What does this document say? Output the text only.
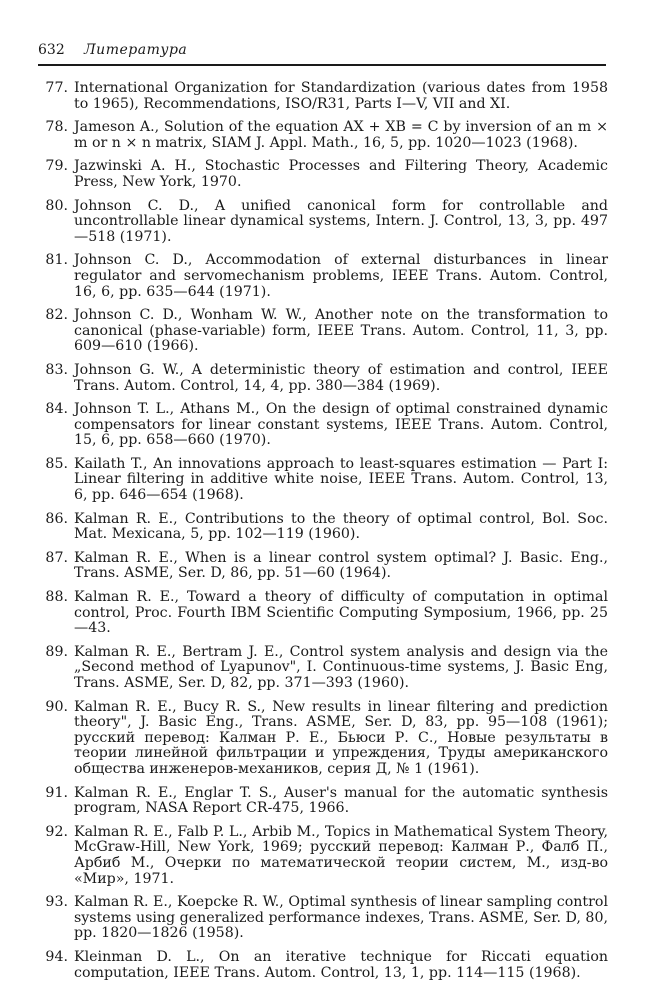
632 Литература
77. International Organization for Standardization (various dates from 1958 to 1965), Recommendations, ISO/R31, Parts I—V, VII and XI.
78. Jameson A., Solution of the equation AX + XB = C by inversion of an m × m or n × n matrix, SIAM J. Appl. Math., 16, 5, pp. 1020—1023 (1968).
79. Jazwinski A. H., Stochastic Processes and Filtering Theory, Academic Press, New York, 1970.
80. Johnson C. D., A unified canonical form for controllable and uncontrollable linear dynamical systems, Intern. J. Control, 13, 3, pp. 497—518 (1971).
81. Johnson C. D., Accommodation of external disturbances in linear regulator and servomechanism problems, IEEE Trans. Autom. Control, 16, 6, pp. 635—644 (1971).
82. Johnson C. D., Wonham W. W., Another note on the transformation to canonical (phase-variable) form, IEEE Trans. Autom. Control, 11, 3, pp. 609—610 (1966).
83. Johnson G. W., A deterministic theory of estimation and control, IEEE Trans. Autom. Control, 14, 4, pp. 380—384 (1969).
84. Johnson T. L., Athans M., On the design of optimal constrained dynamic compensators for linear constant systems, IEEE Trans. Autom. Control, 15, 6, pp. 658—660 (1970).
85. Kailath T., An innovations approach to least-squares estimation — Part I: Linear filtering in additive white noise, IEEE Trans. Autom. Control, 13, 6, pp. 646—654 (1968).
86. Kalman R. E., Contributions to the theory of optimal control, Bol. Soc. Mat. Mexicana, 5, pp. 102—119 (1960).
87. Kalman R. E., When is a linear control system optimal? J. Basic. Eng., Trans. ASME, Ser. D, 86, pp. 51—60 (1964).
88. Kalman R. E., Toward a theory of difficulty of computation in optimal control, Proc. Fourth IBM Scientific Computing Symposium, 1966, pp. 25—43.
89. Kalman R. E., Bertram J. E., Control system analysis and design via the „Second method of Lyapunov", I. Continuous-time systems, J. Basic Eng, Trans. ASME, Ser. D, 82, pp. 371—393 (1960).
90. Kalman R. E., Bucy R. S., New results in linear filtering and prediction theory", J. Basic Eng., Trans. ASME, Ser. D, 83, pp. 95—108 (1961); русский перевод: Калман Р. Е., Бьюси Р. С., Новые результаты в теории линейной фильтрации и упреждения, Труды американского общества инженеров-механиков, серия Д, № 1 (1961).
91. Kalman R. E., Englar T. S., Auser's manual for the automatic synthesis program, NASA Report CR-475, 1966.
92. Kalman R. E., Falb P. L., Arbib M., Topics in Mathematical System Theory, McGraw-Hill, New York, 1969; русский перевод: Калман Р., Фалб П., Арбиб М., Очерки по математической теории систем, М., изд-во «Мир», 1971.
93. Kalman R. E., Koepcke R. W., Optimal synthesis of linear sampling control systems using generalized performance indexes, Trans. ASME, Ser. D, 80, pp. 1820—1826 (1958).
94. Kleinman D. L., On an iterative technique for Riccati equation computation, IEEE Trans. Autom. Control, 13, 1, pp. 114—115 (1968).
